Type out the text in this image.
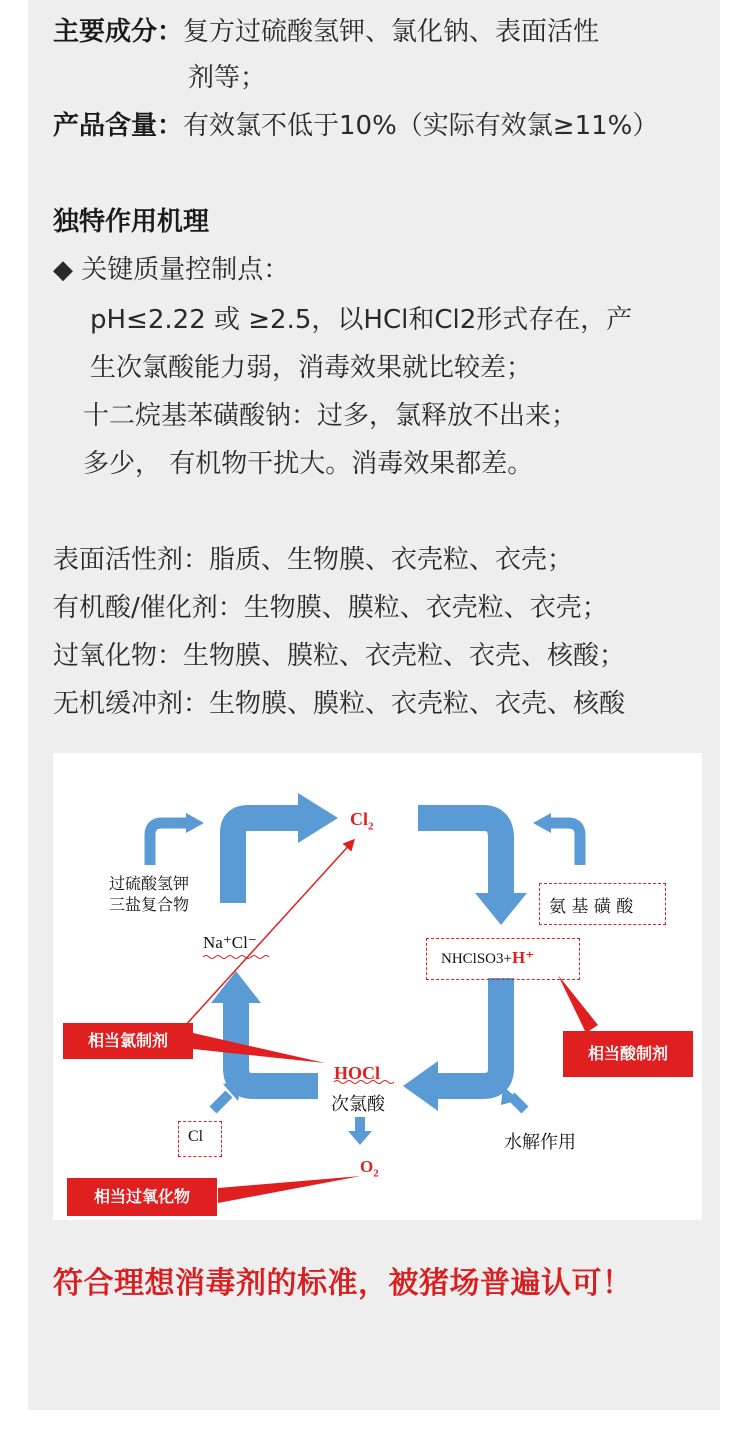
主要成分：复方过硫酸氢钾、氯化钠、表面活性
剂等；
产品含量：有效氯不低于10%（实际有效氯≥11%）
独特作用机理
◆ 关键质量控制点：
pH≤2.22 或 ≥2.5，以HCl和Cl2形式存在，产
生次氯酸能力弱，消毒效果就比较差；
十二烷基苯磺酸钠：过多，氯释放不出来；
多少， 有机物干扰大。消毒效果都差。
表面活性剂：脂质、生物膜、衣壳粒、衣壳；
有机酸/催化剂：生物膜、膜粒、衣壳粒、衣壳；
过氧化物：生物膜、膜粒、衣壳粒、衣壳、核酸；
无机缓冲剂：生物膜、膜粒、衣壳粒、衣壳、核酸
$Cl_2$
过硫酸氢钾
三盐复合物
Na⁺Cl⁻
氨 基 磺 酸
NHClSO3+H⁺
HOCl
次氯酸
Cl
$O_2$
水解作用
相当氯制剂
相当酸制剂
相当过氧化物
符合理想消毒剂的标准，被猪场普遍认可！
